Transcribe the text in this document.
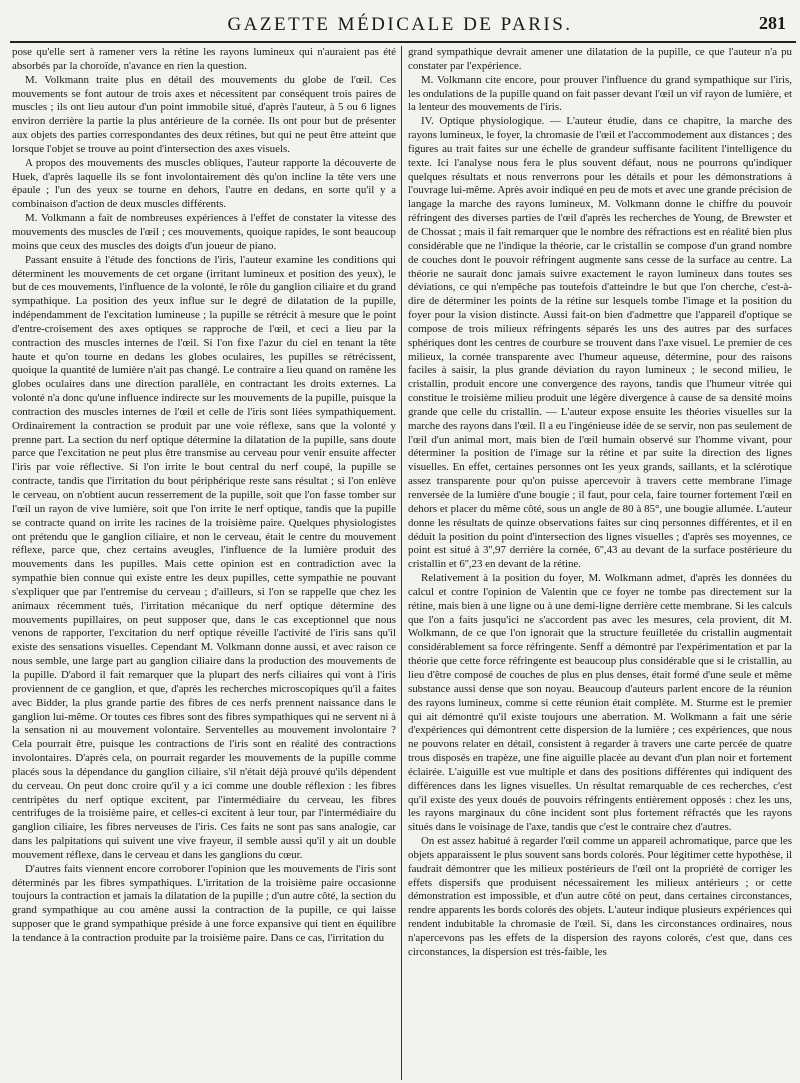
GAZETTE MÉDICALE DE PARIS.	281

pose qu'elle sert à ramener vers la rétine les rayons lumineux qui n'auraient pas été absorbés par la choroïde, n'avance en rien la question.

M. Volkmann traite plus en détail des mouvements du globe de l'œil. Ces mouvements se font autour de trois axes et nécessitent par conséquent trois paires de muscles ; ils ont lieu autour d'un point immobile situé, d'après l'auteur, à 5 ou 6 lignes environ derrière la partie la plus antérieure de la cornée. Ils ont pour but de présenter aux objets des parties correspondantes des deux rétines, but qui ne peut être atteint que lorsque l'objet se trouve au point d'intersection des axes visuels.

A propos des mouvements des muscles obliques, l'auteur rapporte la découverte de Huek, d'après laquelle ils se font involontairement dès qu'on incline la tête vers une épaule ; l'un des yeux se tourne en dehors, l'autre en dedans, en sorte qu'il y a combinaison d'action de deux muscles différents.

M. Volkmann a fait de nombreuses expériences à l'effet de constater la vitesse des mouvements des muscles de l'œil ; ces mouvements, quoique rapides, le sont beaucoup moins que ceux des muscles des doigts d'un joueur de piano.

Passant ensuite à l'étude des fonctions de l'iris, l'auteur examine les conditions qui déterminent les mouvements de cet organe (irritant lumineux et position des yeux), le but de ces mouvements, l'influence de la volonté, le rôle du ganglion ciliaire et du grand sympathique. La position des yeux influe sur le degré de dilatation de la pupille, indépendamment de l'excitation lumineuse ; la pupille se rétrécit à mesure que le point d'entre-croisement des axes optiques se rapproche de l'œil, et ceci a lieu par la contraction des muscles internes de l'œil. Si l'on fixe l'azur du ciel en tenant la tête haute et qu'on tourne en dedans les globes oculaires, les pupilles se rétrécissent, quoique la quantité de lumière n'ait pas changé. Le contraire a lieu quand on ramène les globes oculaires dans une direction parallèle, en contractant les droits externes. La volonté n'a donc qu'une influence indirecte sur les mouvements de la pupille, puisque la contraction des muscles internes de l'œil et celle de l'iris sont liées sympathiquement. Ordinairement la contraction se produit par une voie réflexe, sans que la volonté y prenne part. La section du nerf optique détermine la dilatation de la pupille, sans doute parce que l'excitation ne peut plus être transmise au cerveau pour venir ensuite affecter l'iris par voie réflective. Si l'on irrite le bout central du nerf coupé, la pupille se contracte, tandis que l'irritation du bout périphérique reste sans résultat ; si l'on enlève le cerveau, on n'obtient aucun resserrement de la pupille, soit que l'on fasse tomber sur l'œil un rayon de vive lumière, soit que l'on irrite le nerf optique, tandis que la pupille se contracte quand on irrite les racines de la troisième paire. Quelques physiologistes ont prétendu que le ganglion ciliaire, et non le cerveau, était le centre du mouvement réflexe, parce que, chez certains aveugles, l'influence de la lumière produit des mouvements dans les pupilles. Mais cette opinion est en contradiction avec la sympathie bien connue qui existe entre les deux pupilles, cette sympathie ne pouvant s'expliquer que par l'entremise du cerveau ; d'ailleurs, si l'on se rappelle que chez les animaux récemment tués, l'irritation mécanique du nerf optique détermine des mouvements pupillaires, on peut supposer que, dans le cas exceptionnel que nous venons de rapporter, l'excitation du nerf optique réveille l'activité de l'iris sans qu'il existe des sensations visuelles. Cependant M. Volkmann donne aussi, et avec raison ce nous semble, une large part au ganglion ciliaire dans la production des mouvements de la pupille. D'abord il fait remarquer que la plupart des nerfs ciliaires qui vont à l'iris proviennent de ce ganglion, et que, d'après les recherches microscopiques qu'il a faites avec Bidder, la plus grande partie des fibres de ces nerfs prennent naissance dans le ganglion lui-même. Or toutes ces fibres sont des fibres sympathiques qui ne servent ni à la sensation ni au mouvement volontaire. Serventelles au mouvement involontaire ? Cela pourrait être, puisque les contractions de l'iris sont en réalité des contractions involontaires. D'après cela, on pourrait regarder les mouvements de la pupille comme placés sous la dépendance du ganglion ciliaire, s'il n'était déjà prouvé qu'ils dépendent du cerveau. On peut donc croire qu'il y a ici comme une double réflexion : les fibres centripètes du nerf optique excitent, par l'intermédiaire du cerveau, les fibres centrifuges de la troisième paire, et celles-ci excitent à leur tour, par l'intermédiaire du ganglion ciliaire, les fibres nerveuses de l'iris. Ces faits ne sont pas sans analogie, car dans les palpitations qui suivent une vive frayeur, il semble aussi qu'il y ait un double mouvement réflexe, dans le cerveau et dans les ganglions du cœur.

D'autres faits viennent encore corroborer l'opinion que les mouvements de l'iris sont déterminés par les fibres sympathiques. L'irritation de la troisième paire occasionne toujours la contraction et jamais la dilatation de la pupille ; d'un autre côté, la section du grand sympathique au cou amène aussi la contraction de la pupille, ce qui laisse supposer que le grand sympathique préside à une force expansive qui tient en équilibre la tendance à la contraction produite par la troisième paire. Dans ce cas, l'irritation du

grand sympathique devrait amener une dilatation de la pupille, ce que l'auteur n'a pu constater par l'expérience.

M. Volkmann cite encore, pour prouver l'influence du grand sympathique sur l'iris, les ondulations de la pupille quand on fait passer devant l'œil un vif rayon de lumière, et la lenteur des mouvements de l'iris.

IV. Optique physiologique. — L'auteur étudie, dans ce chapitre, la marche des rayons lumineux, le foyer, la chromasie de l'œil et l'accommodement aux distances ; des figures au trait faites sur une échelle de grandeur suffisante facilitent l'intelligence du texte. Ici l'analyse nous fera le plus souvent défaut, nous ne pourrons qu'indiquer quelques résultats et nous renverrons pour les détails et pour les démonstrations à l'ouvrage lui-même. Après avoir indiqué en peu de mots et avec une grande précision de langage la marche des rayons lumineux, M. Volkmann donne le chiffre du pouvoir réfringent des diverses parties de l'œil d'après les recherches de Young, de Brewster et de Chossat ; mais il fait remarquer que le nombre des réfractions est en réalité bien plus considérable que ne l'indique la théorie, car le cristallin se compose d'un grand nombre de couches dont le pouvoir réfringent augmente sans cesse de la surface au centre. La théorie ne saurait donc jamais suivre exactement le rayon lumineux dans toutes ses déviations, ce qui n'empêche pas toutefois d'atteindre le but que l'on cherche, c'est-à-dire de déterminer les points de la rétine sur lesquels tombe l'image et la position du foyer pour la vision distincte. Aussi fait-on bien d'admettre que l'appareil d'optique se compose de trois milieux réfringents séparés les uns des autres par des surfaces sphériques dont les centres de courbure se trouvent dans l'axe visuel. Le premier de ces milieux, la cornée transparente avec l'humeur aqueuse, détermine, pour des raisons faciles à saisir, la plus grande déviation du rayon lumineux ; le second milieu, le cristallin, produit encore une convergence des rayons, tandis que l'humeur vitrée qui constitue le troisième milieu produit une légère divergence à cause de sa densité moins grande que celle du cristallin. — L'auteur expose ensuite les théories visuelles sur la marche des rayons dans l'œil. Il a eu l'ingénieuse idée de se servir, non pas seulement de l'œil d'un animal mort, mais bien de l'œil humain observé sur l'homme vivant, pour déterminer la position de l'image sur la rétine et par suite la direction des lignes visuelles. En effet, certaines personnes ont les yeux grands, saillants, et la sclérotique assez transparente pour qu'on puisse apercevoir à travers cette membrane l'image renversée de la lumière d'une bougie ; il faut, pour cela, faire tourner fortement l'œil en dehors et placer du même côté, sous un angle de 80 à 85°, une bougie allumée. L'auteur donne les résultats de quinze observations faites sur cinq personnes différentes, et il en déduit la position du point d'intersection des lignes visuelles ; d'après ses moyennes, ce point est situé à 3'',97 derrière la cornée, 6'',43 au devant de la surface postérieure du cristallin et 6'',23 en devant de la rétine.

Relativement à la position du foyer, M. Wolkmann admet, d'après les données du calcul et contre l'opinion de Valentin que ce foyer ne tombe pas directement sur la rétine, mais bien à une ligne ou à une demi-ligne derrière cette membrane. Si les calculs que l'on a faits jusqu'ici ne s'accordent pas avec les mesures, cela provient, dit M. Wolkmann, de ce que l'on ignorait que la structure feuilletée du cristallin augmentait considérablement sa force réfringente. Senff a démontré par l'expérimentation et par la théorie que cette force réfringente est beaucoup plus considérable que si le cristallin, au lieu d'être composé de couches de plus en plus denses, était formé d'une seule et même substance aussi dense que son noyau. Beaucoup d'auteurs parlent encore de la réunion des rayons lumineux, comme si cette réunion était complète. M. Sturme est le premier qui ait démontré qu'il existe toujours une aberration. M. Wolkmann a fait une série d'expériences qui démontrent cette dispersion de la lumière ; ces expériences, que nous ne pouvons relater en détail, consistent à regarder à travers une carte percée de quatre trous disposés en trapèze, une fine aiguille placée au devant d'un plan noir et fortement éclairée. L'aiguille est vue multiple et dans des positions différentes qui indiquent des différences dans les lignes visuelles. Un résultat remarquable de ces recherches, c'est qu'il existe des yeux doués de pouvoirs réfringents entièrement opposés : chez les uns, les rayons marginaux du cône incident sont plus fortement réfractés que les rayons situés dans le voisinage de l'axe, tandis que c'est le contraire chez d'autres.

On est assez habitué à regarder l'œil comme un appareil achromatique, parce que les objets apparaissent le plus souvent sans bords colorés. Pour légitimer cette hypothèse, il faudrait démontrer que les milieux postérieurs de l'œil ont la propriété de corriger les effets dispersifs que produisent nécessairement les milieux antérieurs ; or cette démonstration est impossible, et d'un autre côté on peut, dans certaines circonstances, rendre apparents les bords colorés des objets. L'auteur indique plusieurs expériences qui rendent indubitable la chromasie de l'œil. Si, dans les circonstances ordinaires, nous n'apercevons pas les effets de la dispersion des rayons colorés, c'est que, dans ces circonstances, la dispersion est très-faible, les
